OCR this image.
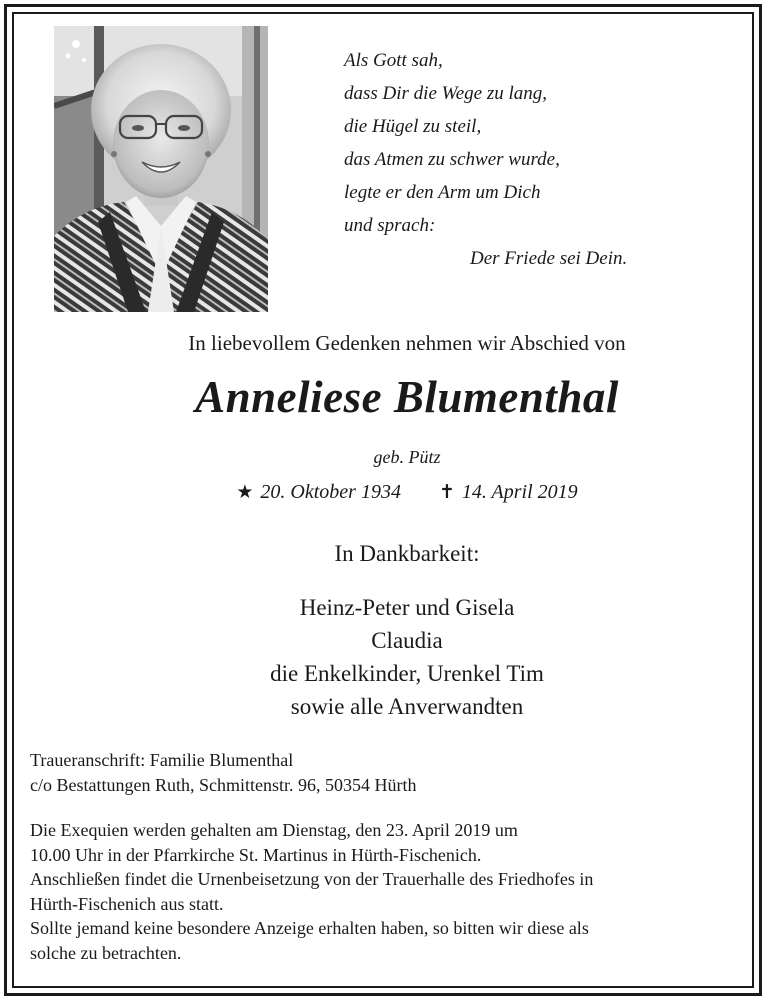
Als Gott sah,
dass Dir die Wege zu lang,
die Hügel zu steil,
das Atmen zu schwer wurde,
legte er den Arm um Dich
und sprach:
Der Friede sei Dein.
In liebevollem Gedenken nehmen wir Abschied von
Anneliese Blumenthal
geb. Pütz
★ 20. Oktober 1934 ✝ 14. April 2019
In Dankbarkeit:
Heinz-Peter und Gisela
Claudia
die Enkelkinder, Urenkel Tim
sowie alle Anverwandten
Traueranschrift: Familie Blumenthal
c/o Bestattungen Ruth, Schmittenstr. 96, 50354 Hürth
Die Exequien werden gehalten am Dienstag, den 23. April 2019 um
10.00 Uhr in der Pfarrkirche St. Martinus in Hürth-Fischenich.
Anschließen findet die Urnenbeisetzung von der Trauerhalle des Friedhofes in
Hürth-Fischenich aus statt.
Sollte jemand keine besondere Anzeige erhalten haben, so bitten wir diese als
solche zu betrachten.
